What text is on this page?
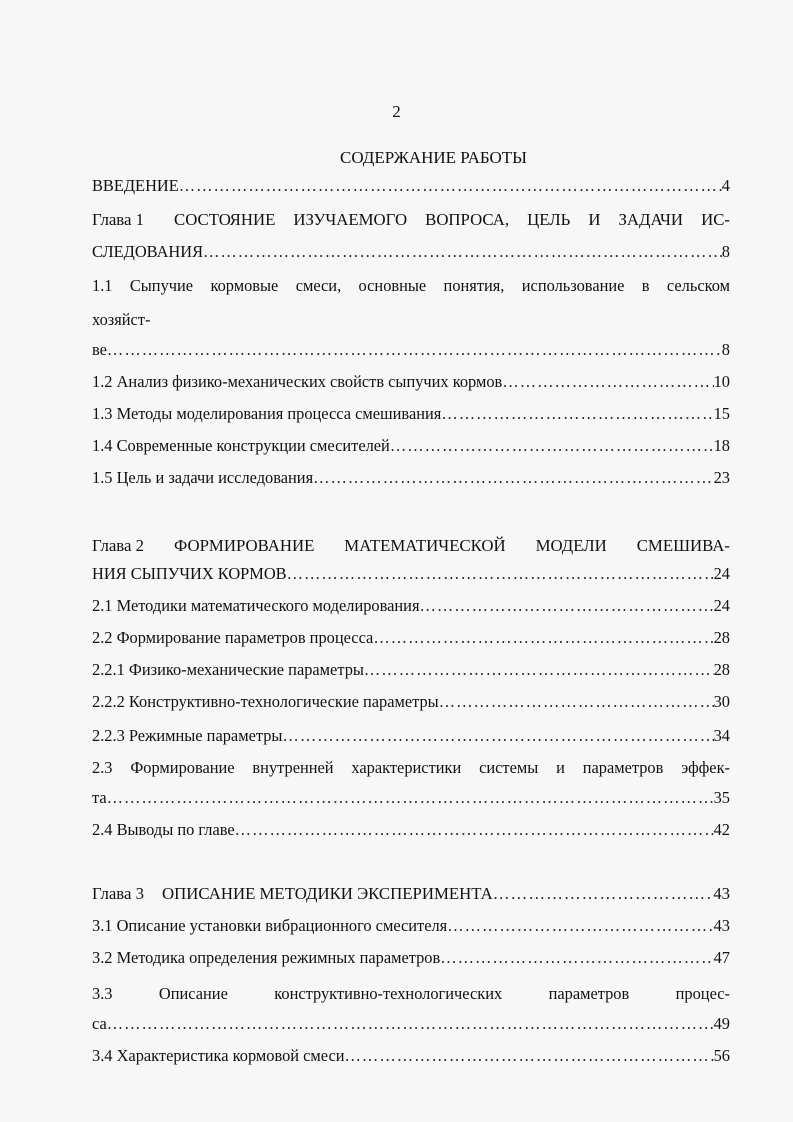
2
СОДЕРЖАНИЕ РАБОТЫ
ВВЕДЕНИЕ …………………………………………………………………………………………………………………………………………………………………………………………………	4
Глава 1 СОСТОЯНИЕ ИЗУЧАЕМОГО ВОПРОСА, ЦЕЛЬ И ЗАДАЧИ ИС-
СЛЕДОВАНИЯ …………………………………………………………………………………………………………………………………………………………………………………………………	8
1.1 Сыпучие кормовые смеси, основные понятия, использование в сельском
хозяйст-
ве …………………………………………………………………………………………………………………………………………………………………………………………………	8
1.2 Анализ физико-механических свойств сыпучих кормов …………………………………………………………………………………………………………………………………………………………………………………………………	10
1.3 Методы моделирования процесса смешивания …………………………………………………………………………………………………………………………………………………………………………………………………	15
1.4 Современные конструкции смесителей …………………………………………………………………………………………………………………………………………………………………………………………………	18
1.5 Цель и задачи исследования …………………………………………………………………………………………………………………………………………………………………………………………………	23
Глава 2 ФОРМИРОВАНИЕ МАТЕМАТИЧЕСКОЙ МОДЕЛИ СМЕШИВА-
НИЯ СЫПУЧИХ КОРМОВ …………………………………………………………………………………………………………………………………………………………………………………………………	24
2.1 Методики математического моделирования …………………………………………………………………………………………………………………………………………………………………………………………………	24
2.2 Формирование параметров процесса …………………………………………………………………………………………………………………………………………………………………………………………………	28
2.2.1 Физико-механические параметры …………………………………………………………………………………………………………………………………………………………………………………………………	28
2.2.2 Конструктивно-технологические параметры …………………………………………………………………………………………………………………………………………………………………………………………………	30
2.2.3 Режимные параметры …………………………………………………………………………………………………………………………………………………………………………………………………	34
2.3 Формирование внутренней характеристики системы и параметров эффек-
та …………………………………………………………………………………………………………………………………………………………………………………………………	35
2.4 Выводы по главе …………………………………………………………………………………………………………………………………………………………………………………………………	42
Глава 3 ОПИСАНИЕ МЕТОДИКИ ЭКСПЕРИМЕНТА …………………………………………………………………………………………………………………………………………………………………………………………………	43
3.1 Описание установки вибрационного смесителя …………………………………………………………………………………………………………………………………………………………………………………………………	43
3.2 Методика определения режимных параметров …………………………………………………………………………………………………………………………………………………………………………………………………	47
3.3 Описание конструктивно-технологических параметров процес-
са …………………………………………………………………………………………………………………………………………………………………………………………………	49
3.4 Характеристика кормовой смеси …………………………………………………………………………………………………………………………………………………………………………………………………	56
